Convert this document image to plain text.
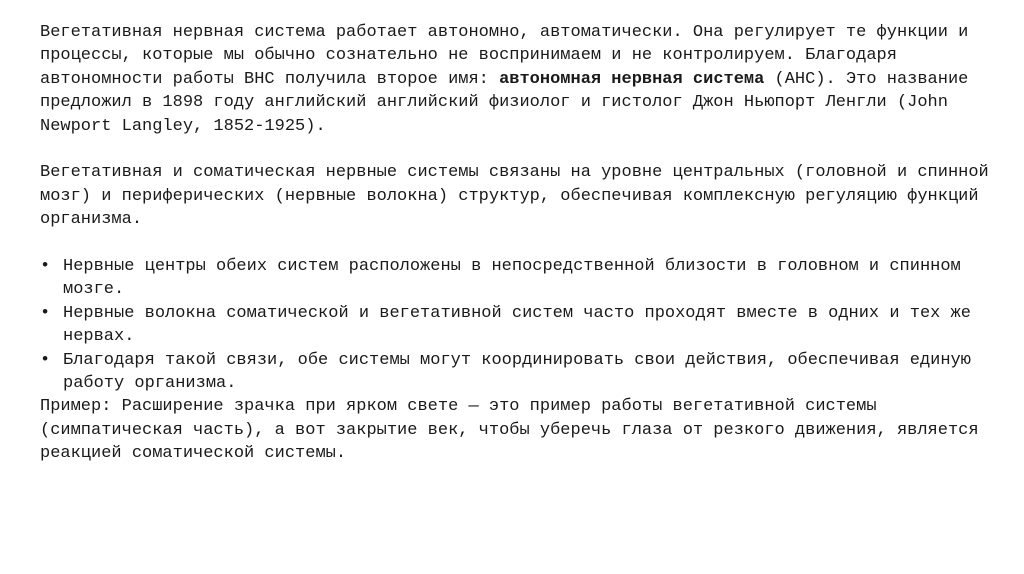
Вегетативная нервная система работает автономно, автоматически. Она регулирует те функции и процессы, которые мы обычно сознательно не воспринимаем и не контролируем. Благодаря автономности работы ВНС получила второе имя: автономная нервная система (АНС). Это название предложил в 1898 году английский английский физиолог и гистолог Джон Ньюпорт Ленгли (John Newport Langley, 1852-1925).

Вегетативная и соматическая нервные системы связаны на уровне центральных (головной и спинной мозг) и периферических (нервные волокна) структур, обеспечивая комплексную регуляцию функций организма.

• Нервные центры обеих систем расположены в непосредственной близости в головном и спинном мозге.
• Нервные волокна соматической и вегетативной систем часто проходят вместе в одних и тех же нервах.
• Благодаря такой связи, обе системы могут координировать свои действия, обеспечивая единую работу организма.

Пример: Расширение зрачка при ярком свете — это пример работы вегетативной системы (симпатическая часть), а вот закрытие век, чтобы уберечь глаза от резкого движения, является реакцией соматической системы.
